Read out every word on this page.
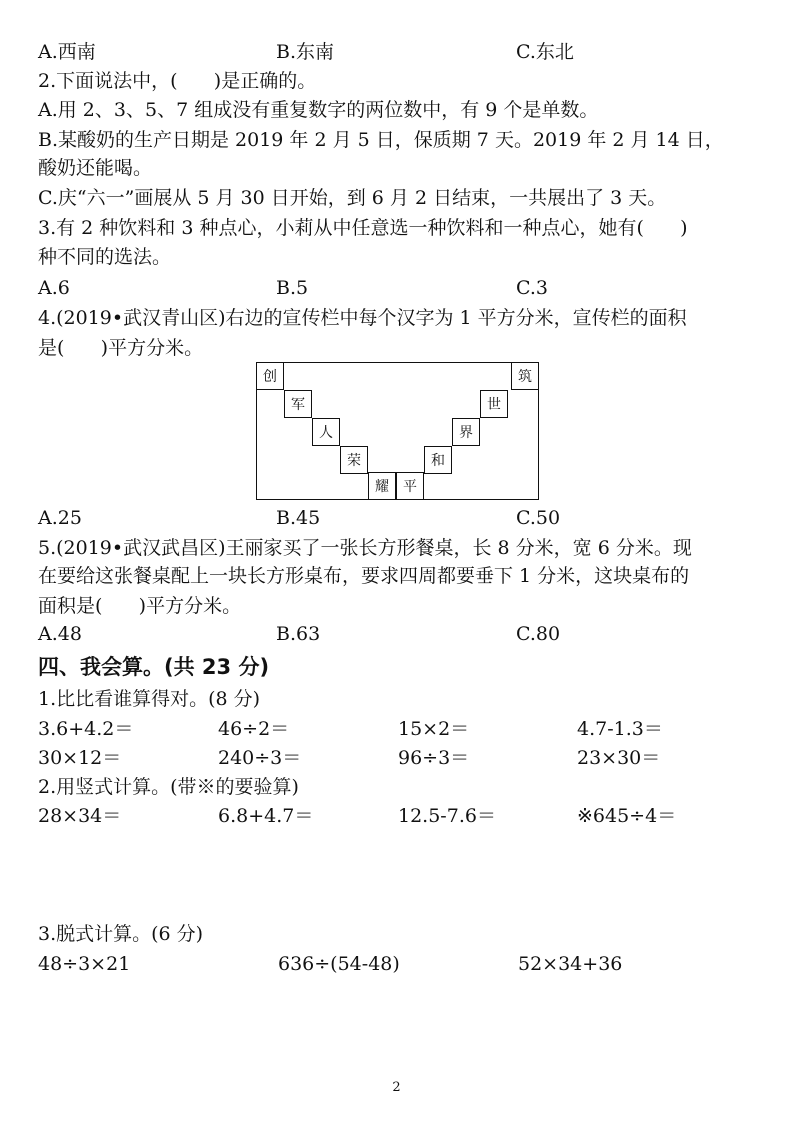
A.西南	B.东南	C.东北
2.下面说法中，(      )是正确的。
A.用 2、3、5、7 组成没有重复数字的两位数中，有 9 个是单数。
B.某酸奶的生产日期是 2019 年 2 月 5 日，保质期 7 天。2019 年 2 月 14 日，
酸奶还能喝。
C.庆“六一”画展从 5 月 30 日开始，到 6 月 2 日结束，一共展出了 3 天。
3.有 2 种饮料和 3 种点心，小莉从中任意选一种饮料和一种点心，她有(      )
种不同的选法。
A.6	B.5	C.3
4.(2019•武汉青山区)右边的宣传栏中每个汉字为 1 平方分米，宣传栏的面积
是(      )平方分米。
创
军
人
荣
耀	平
和
界
世
筑
A.25	B.45	C.50
5.(2019•武汉武昌区)王丽家买了一张长方形餐桌，长 8 分米，宽 6 分米。现
在要给这张餐桌配上一块长方形桌布，要求四周都要垂下 1 分米，这块桌布的
面积是(      )平方分米。
A.48	B.63	C.80
四、我会算。(共 23 分)
1.比比看谁算得对。(8 分)
3.6+4.2＝	46÷2＝	15×2＝	4.7-1.3＝
30×12＝	240÷3＝	96÷3＝	23×30＝
2.用竖式计算。(带※的要验算)
28×34＝	6.8+4.7＝	12.5-7.6＝	※645÷4＝
3.脱式计算。(6 分)
48÷3×21	636÷(54-48)	52×34+36
2
